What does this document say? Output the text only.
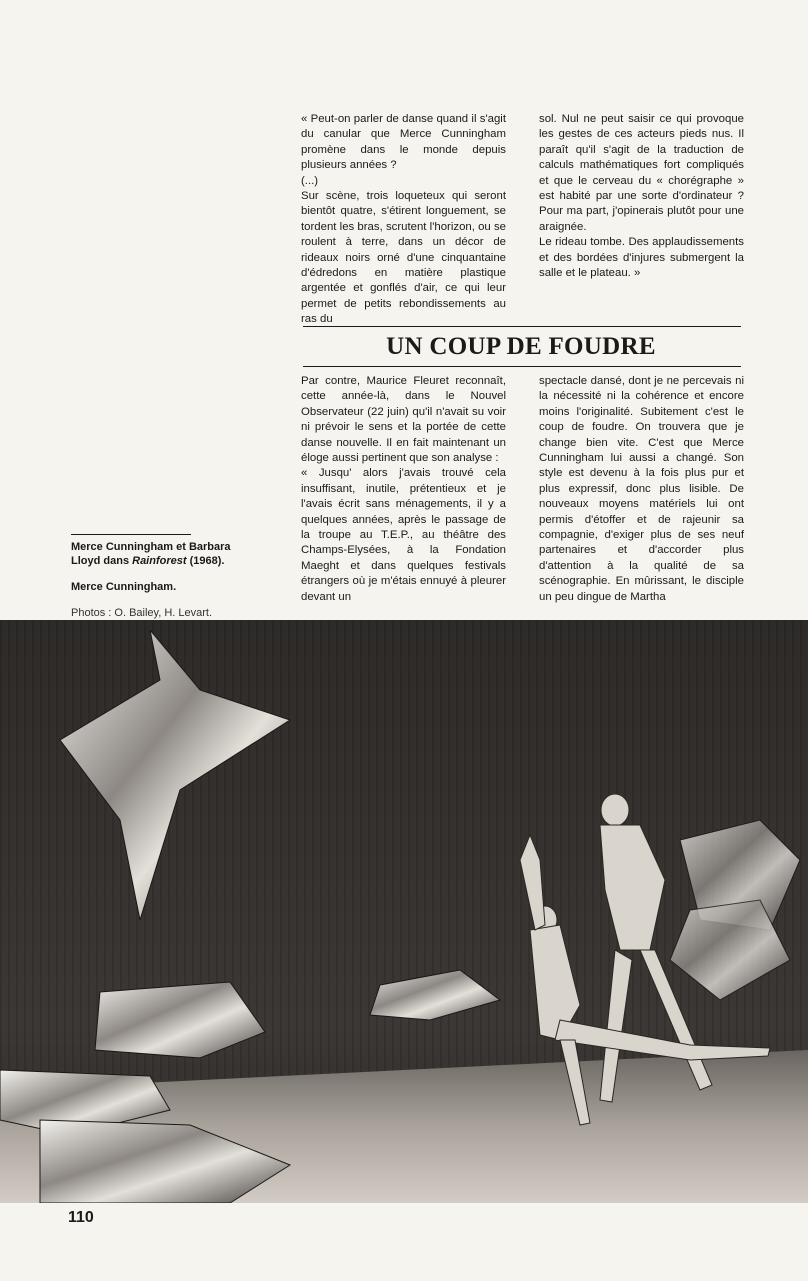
« Peut-on parler de danse quand il s'agit du canular que Merce Cunningham promène dans le monde depuis plusieurs années ?

(...)

Sur scène, trois loqueteux qui seront bientôt quatre, s'étirent longuement, se tordent les bras, scrutent l'horizon, ou se roulent à terre, dans un décor de rideaux noirs orné d'une cinquantaine d'édredons en matière plastique argentée et gonflés d'air, ce qui leur permet de petits rebondissements au ras du

sol. Nul ne peut saisir ce qui provoque les gestes de ces acteurs pieds nus. Il paraît qu'il s'agit de la traduction de calculs mathématiques fort compliqués et que le cerveau du « chorégraphe » est habité par une sorte d'ordinateur ? Pour ma part, j'opinerais plutôt pour une araignée.

Le rideau tombe. Des applaudissements et des bordées d'injures submergent la salle et le plateau. »

UN COUP DE FOUDRE

Par contre, Maurice Fleuret reconnaît, cette année-là, dans le Nouvel Observateur (22 juin) qu'il n'avait su voir ni prévoir le sens et la portée de cette danse nouvelle. Il en fait maintenant un éloge aussi pertinent que son analyse :

« Jusqu' alors j'avais trouvé cela insuffisant, inutile, prétentieux et je l'avais écrit sans ménagements, il y a quelques années, après le passage de la troupe au T.E.P., au théâtre des Champs-Elysées, à la Fondation Maeght et dans quelques festivals étrangers où je m'étais ennuyé à pleurer devant un

spectacle dansé, dont je ne percevais ni la nécessité ni la cohérence et encore moins l'originalité. Subitement c'est le coup de foudre. On trouvera que je change bien vite. C'est que Merce Cunningham lui aussi a changé. Son style est devenu à la fois plus pur et plus expressif, donc plus lisible. De nouveaux moyens matériels lui ont permis d'étoffer et de rajeunir sa compagnie, d'exiger plus de ses neuf partenaires et d'accorder plus d'attention à la qualité de sa scénographie. En mûrissant, le disciple un peu dingue de Martha

Merce Cunningham et Barbara Lloyd dans Rainforest (1968).

Merce Cunningham.

Photos : O. Bailey, H. Levart.

110
